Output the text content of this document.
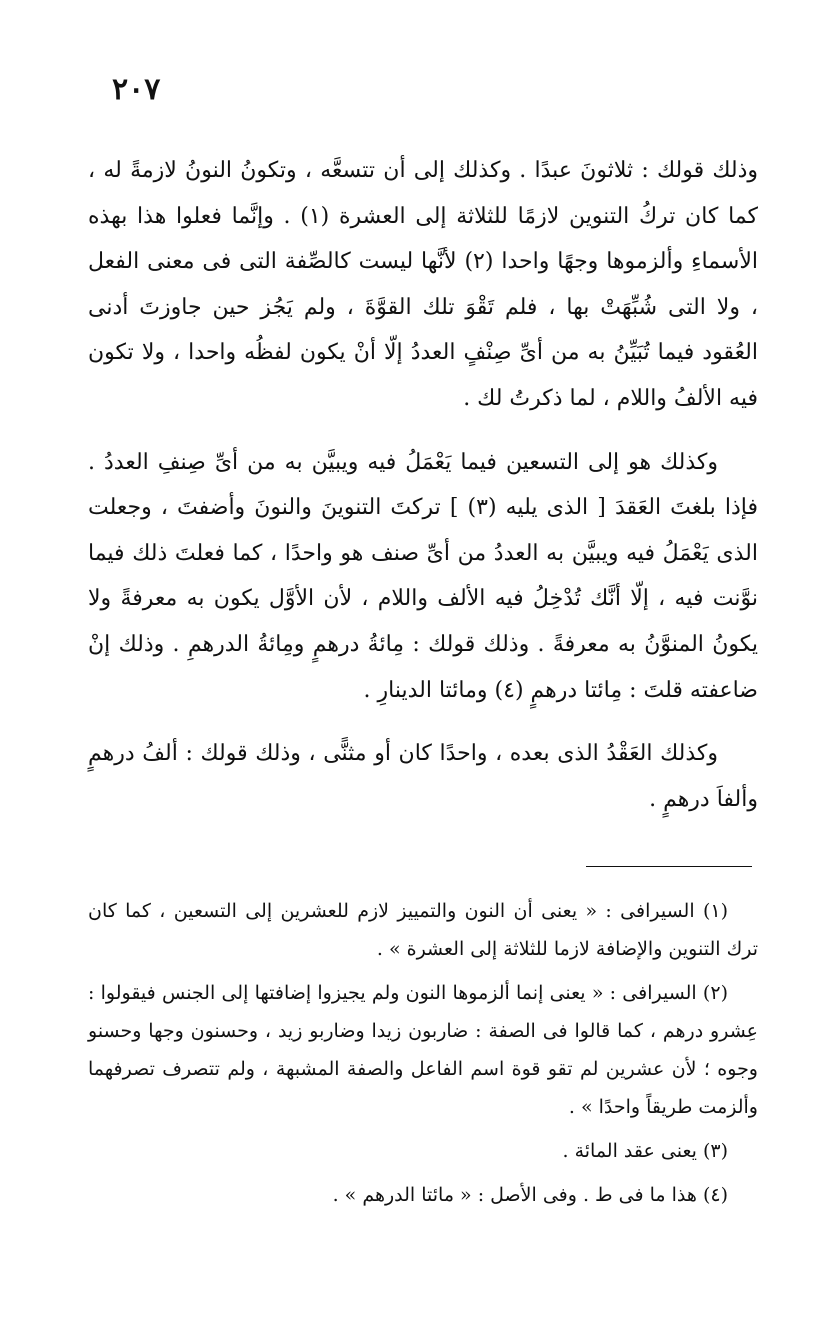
٢٠٧

وذلك قولك : ثلاثونَ عبدًا . وكذلك إلى أن تتسعَّه ، وتكونُ النونُ لازمةً له ، كما كان تركُ التنوين لازمًا للثلاثة إلى العشرة (١) . وإنَّما فعلوا هذا بهذه الأسماءِ وألزموها وجهًا واحدا (٢) لأنَّها ليست كالصِّفة التى فى معنى الفعل ، ولا التى شُبِّهَتْ بها ، فلم تَقْوَ تلك القوَّةَ ، ولم يَجُز حين جاوزتَ أدنى العُقود فيما تُبَيِّنُ به من أىِّ صِنْفٍ العددُ إلّا أنْ يكون لفظُه واحدا ، ولا تكون فيه الألفُ واللام ، لما ذكرتُ لك .

وكذلك هو إلى التسعين فيما يَعْمَلُ فيه ويبيَّن به من أىِّ صِنفِ العددُ . فإذا بلغتَ العَقدَ [ الذى يليه (٣) ] تركتَ التنوينَ والنونَ وأضفتَ ، وجعلت الذى يَعْمَلُ فيه ويبيَّن به العددُ من أىِّ صنف هو واحدًا ، كما فعلتَ ذلك فيما نوَّنت فيه ، إلّا أنَّك تُدْخِلُ فيه الألف واللام ، لأن الأوَّل يكون به معرفةً ولا يكونُ المنوَّنُ به معرفةً . وذلك قولك : مِائةُ درهمٍ ومِائةُ الدرهمِ . وذلك إنْ ضاعفته قلتَ : مِائتا درهمٍ (٤) ومائتا الدينارِ .

وكذلك العَقْدُ الذى بعده ، واحدًا كان أو مثنًّى ، وذلك قولك : ألفُ درهمٍ وألفاَ درهمٍ .

(١) السيرافى : « يعنى أن النون والتمييز لازم للعشرين إلى التسعين ، كما كان ترك التنوين والإضافة لازما للثلاثة إلى العشرة » .

(٢) السيرافى : « يعنى إنما ألزموها النون ولم يجيزوا إضافتها إلى الجنس فيقولوا : عِشرو درهم ، كما قالوا فى الصفة : ضاربون زيدا وضاربو زيد ، وحسنون وجها وحسنو وجوه ؛ لأن عشرين لم تقو قوة اسم الفاعل والصفة المشبهة ، ولم تتصرف تصرفهما وألزمت طريقاً واحدًا » .

(٣) يعنى عقد المائة .

(٤) هذا ما فى ط . وفى الأصل : « مائتا الدرهم » .
